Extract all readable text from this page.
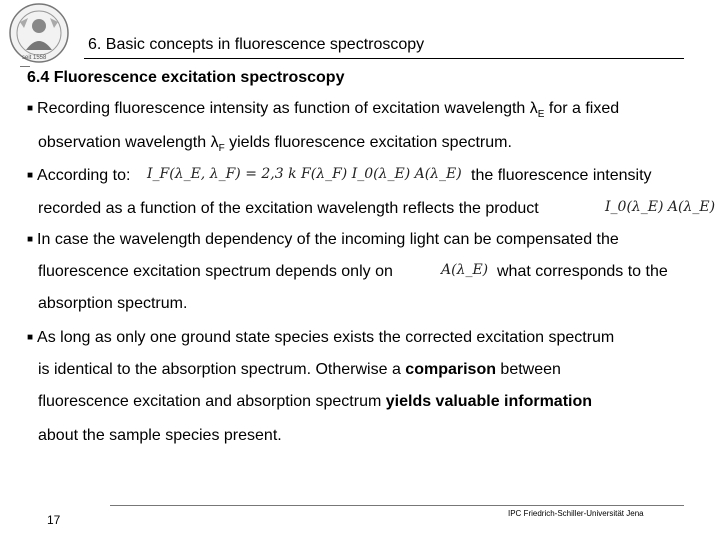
seit 1558
6. Basic concepts in fluorescence spectroscopy
6.4 Fluorescence excitation spectroscopy
■ Recording fluorescence intensity as function of excitation wavelength $\lambda_E$ for a fixed
observation wavelength $\lambda_F$ yields fluorescence excitation spectrum.
■ According to: I_F(λ_E, λ_F) = 2,3 k F(λ_F) I_0(λ_E) A(λ_E) the fluorescence intensity
recorded as a function of the excitation wavelength reflects the product	I_0(λ_E) A(λ_E)
■ In case the wavelength dependency of the incoming light can be compensated the
fluorescence excitation spectrum depends only on	A(λ_E) what corresponds to the
absorption spectrum.
■ As long as only one ground state species exists the corrected excitation spectrum
is identical to the absorption spectrum. Otherwise a comparison between
fluorescence excitation and absorption spectrum yields valuable information
about the sample species present.
IPC Friedrich-Schiller-Universität Jena
17
